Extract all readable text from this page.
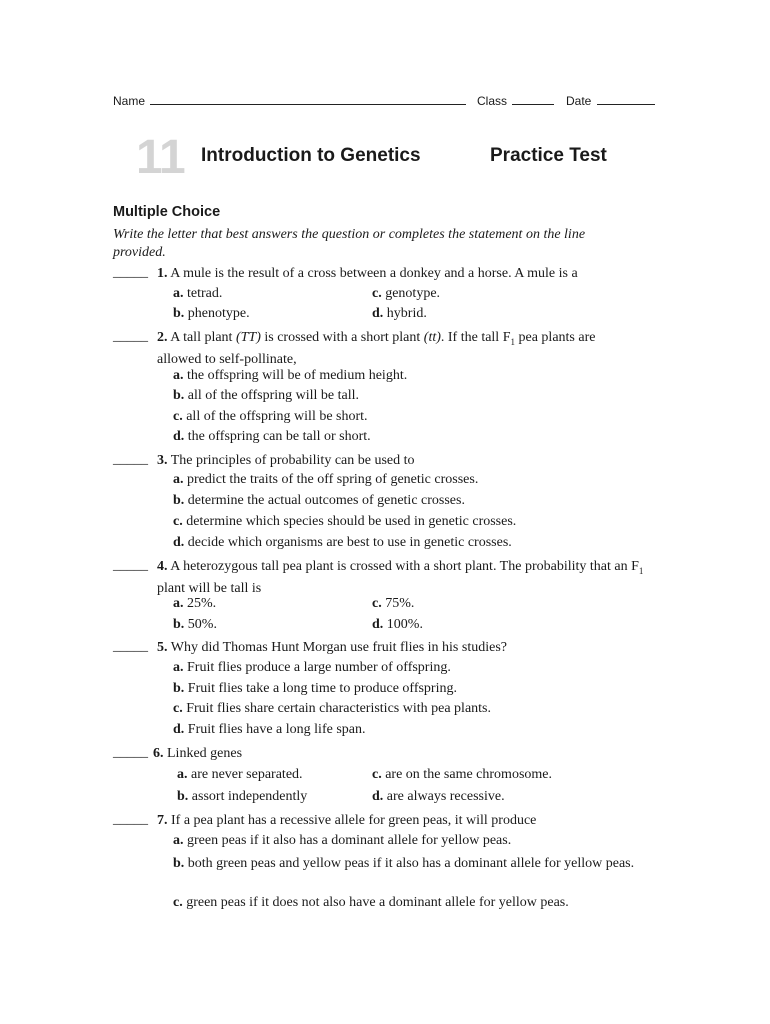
Name	Class	Date
11 Introduction to Genetics	Practice Test
Multiple Choice
Write the letter that best answers the question or completes the statement on the line provided.
_____ 1. A mule is the result of a cross between a donkey and a horse. A mule is a
a. tetrad.
b. phenotype.
c. genotype.
d. hybrid.
_____ 2. A tall plant (TT) is crossed with a short plant (tt). If the tall $F_1$ pea plants are allowed to self-pollinate,
a. the offspring will be of medium height.
b. all of the offspring will be tall.
c. all of the offspring will be short.
d. the offspring can be tall or short.
_____ 3. The principles of probability can be used to
a. predict the traits of the off spring of genetic crosses.
b. determine the actual outcomes of genetic crosses.
c. determine which species should be used in genetic crosses.
d. decide which organisms are best to use in genetic crosses.
_____ 4. A heterozygous tall pea plant is crossed with a short plant. The probability that an $F_1$ plant will be tall is
a. 25%.
b. 50%.
c. 75%.
d. 100%.
_____ 5. Why did Thomas Hunt Morgan use fruit flies in his studies?
a. Fruit flies produce a large number of offspring.
b. Fruit flies take a long time to produce offspring.
c. Fruit flies share certain characteristics with pea plants.
d. Fruit flies have a long life span.
_____ 6. Linked genes
a. are never separated.
b. assort independently
c. are on the same chromosome.
d. are always recessive.
_____ 7. If a pea plant has a recessive allele for green peas, it will produce
a. green peas if it also has a dominant allele for yellow peas.
b. both green peas and yellow peas if it also has a dominant allele for yellow peas.
c. green peas if it does not also have a dominant allele for yellow peas.
